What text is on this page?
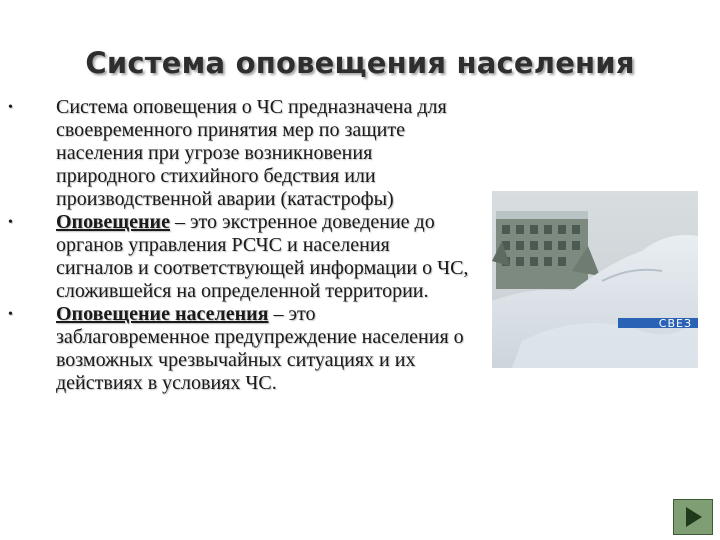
Система оповещения населения
• Система оповещения о ЧС предназначена для своевременного принятия мер по защите населения при угрозе возникновения природного стихийного бедствия или производственной аварии (катастрофы)
• Оповещение – это экстренное доведение до органов управления РСЧС и населения сигналов и соответствующей информации о ЧС, сложившейся на определенной территории.
• Оповещение населения – это заблаговременное предупреждение населения о возможных чрезвычайных ситуациях и их действиях в условиях ЧС.
СВЕЗ
